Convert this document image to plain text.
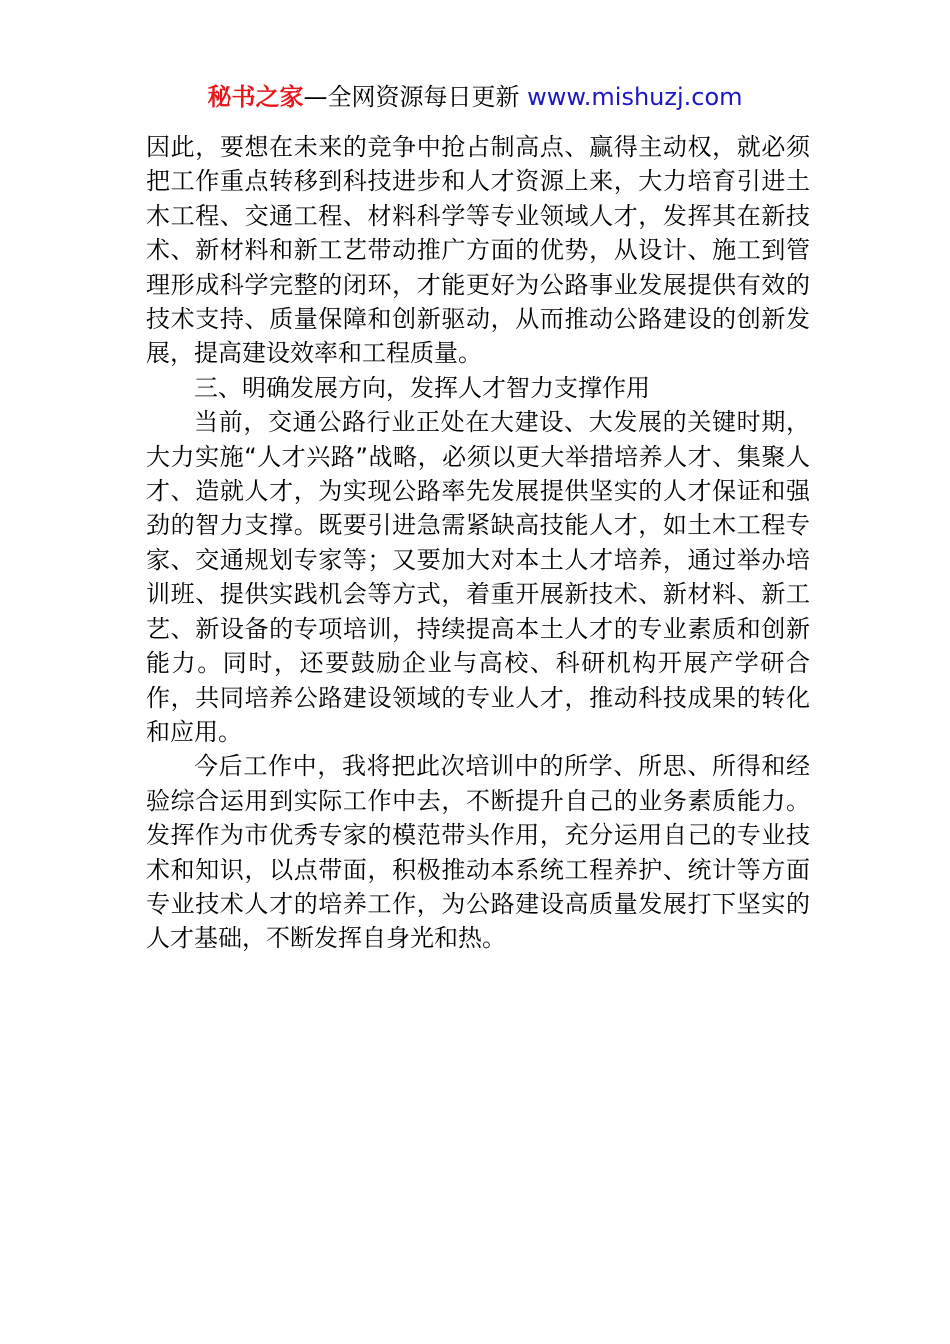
秘书之家—全网资源每日更新 www.mishuzj.com

因此，要想在未来的竞争中抢占制高点、赢得主动权，就必须把工作重点转移到科技进步和人才资源上来，大力培育引进土木工程、交通工程、材料科学等专业领域人才，发挥其在新技术、新材料和新工艺带动推广方面的优势，从设计、施工到管理形成科学完整的闭环，才能更好为公路事业发展提供有效的技术支持、质量保障和创新驱动，从而推动公路建设的创新发展，提高建设效率和工程质量。

三、明确发展方向，发挥人才智力支撑作用

当前，交通公路行业正处在大建设、大发展的关键时期，大力实施“人才兴路”战略，必须以更大举措培养人才、集聚人才、造就人才，为实现公路率先发展提供坚实的人才保证和强劲的智力支撑。既要引进急需紧缺高技能人才，如土木工程专家、交通规划专家等；又要加大对本土人才培养，通过举办培训班、提供实践机会等方式，着重开展新技术、新材料、新工艺、新设备的专项培训，持续提高本土人才的专业素质和创新能力。同时，还要鼓励企业与高校、科研机构开展产学研合作，共同培养公路建设领域的专业人才，推动科技成果的转化和应用。

今后工作中，我将把此次培训中的所学、所思、所得和经验综合运用到实际工作中去，不断提升自己的业务素质能力。发挥作为市优秀专家的模范带头作用，充分运用自己的专业技术和知识，以点带面，积极推动本系统工程养护、统计等方面专业技术人才的培养工作，为公路建设高质量发展打下坚实的人才基础，不断发挥自身光和热。
